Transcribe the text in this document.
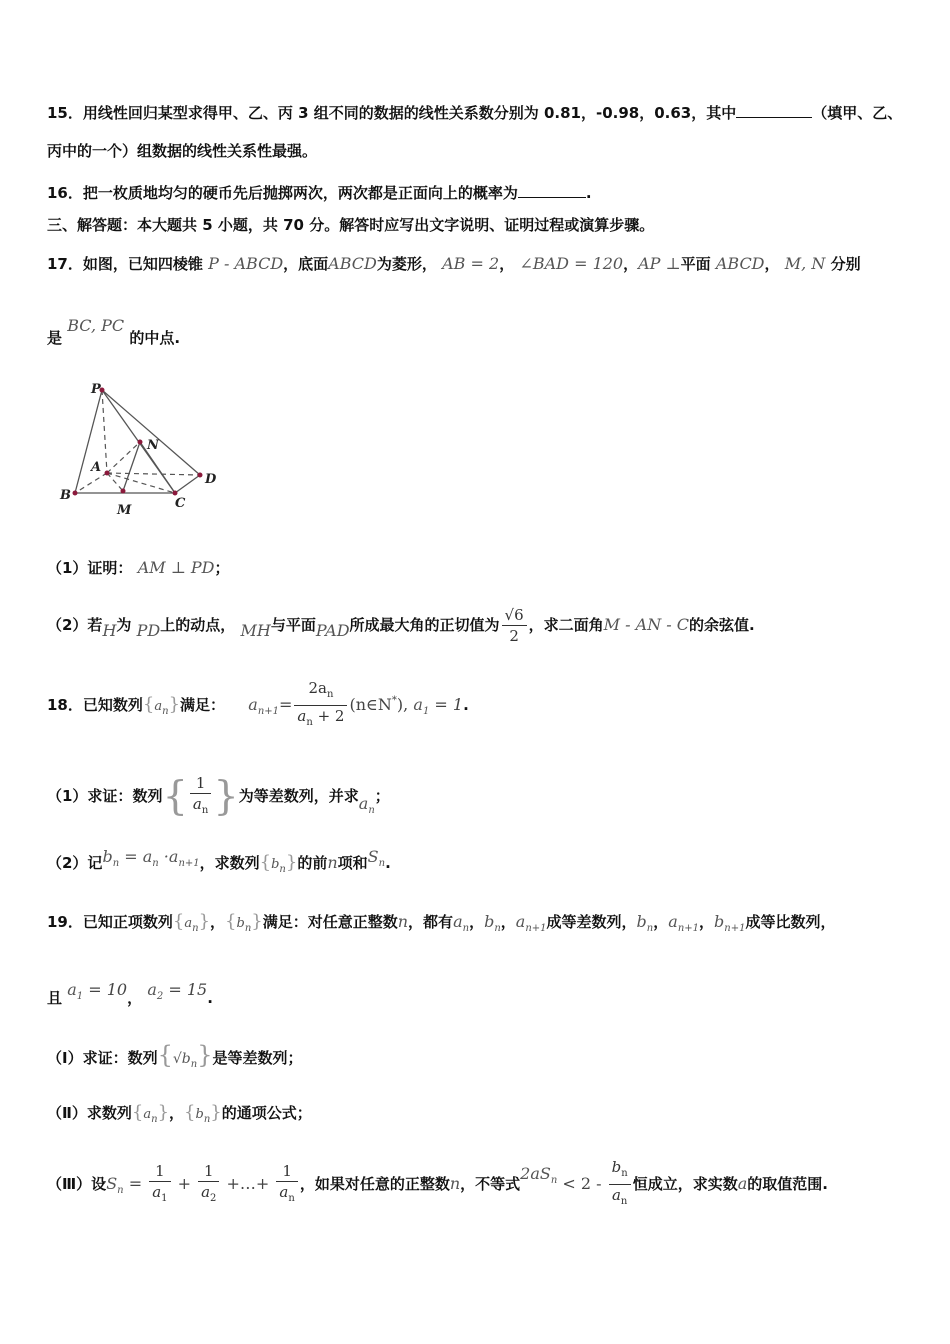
15．用线性回归某型求得甲、乙、丙 3 组不同的数据的线性关系数分别为 0.81，-0.98，0.63，其中	（填甲、乙、
丙中的一个）组数据的线性关系性最强。
16．把一枚质地均匀的硬币先后抛掷两次，两次都是正面向上的概率为	.
三、解答题：本大题共 5 小题，共 70 分。解答时应写出文字说明、证明过程或演算步骤。
17．如图，已知四棱锥 P - ABCD，底面ABCD为菱形， AB = 2， ∠BAD = 120，AP ⊥平面 ABCD， M, N 分别
是 BC, PC 的中点.
P
A
N
D
B
M	C
（1）证明： AM ⊥ PD；
（2）若H为 PD上的动点， MH与平面PAD所成最大角的正切值为 $\frac{√6}{2}$ ，求二面角M - AN - C的余弦值.
18．已知数列$\{a_n\}$满足： $a_{n+1}= \frac{2a_n}{a_n + 2}$ (n∈N*), $a_1 = 1$.
（1）求证：数列{ $\frac{1}{a_n}$ }为等差数列，并求$a_n$；
（2）记$b_n = a_n \cdot a_{n+1}$，求数列$\{b_n\}$的前n项和$S_n$.
19．已知正项数列$\{a_n\}$，$\{b_n\}$满足：对任意正整数n，都有$a_n$，$b_n$，$a_{n+1}$成等差数列，$b_n$，$a_{n+1}$，$b_{n+1}$成等比数列，
且 $a_1 = 10$， $a_2 = 15$.
（Ⅰ）求证：数列$\{√b_n\}$是等差数列；
（Ⅱ）求数列$\{a_n\}$，$\{b_n\}$的通项公式；
（Ⅲ）设$S_n = \frac{1}{a_1} + \frac{1}{a_2}$ +…+ $\frac{1}{a_n}$ ，如果对任意的正整数n，不等式$2aS_n < 2 - \frac{b_n}{a_n}$ 恒成立，求实数a的取值范围.
